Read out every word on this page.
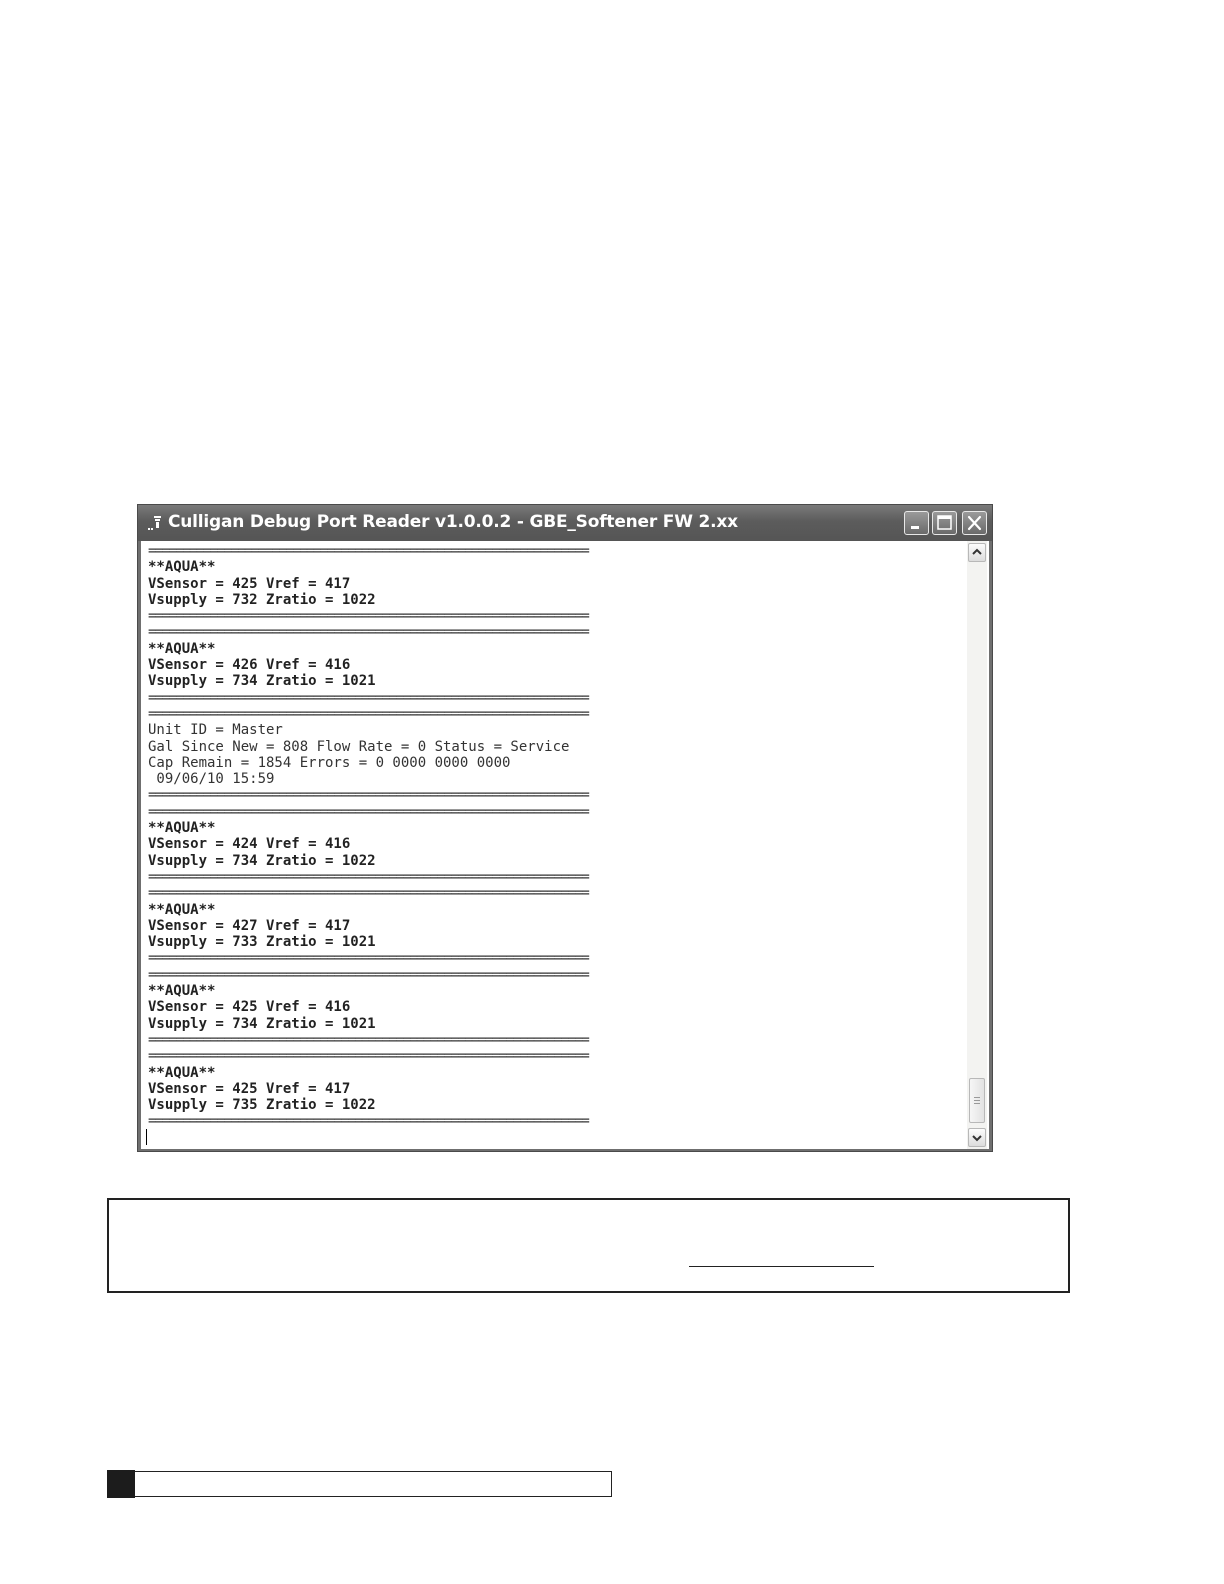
Culligan Debug Port Reader v1.0.0.2 - GBE_Softener FW 2.xx
================================================================
**AQUA**
VSensor = 425 Vref = 417
Vsupply = 732 Zratio = 1022
================================================================
================================================================
**AQUA**
VSensor = 426 Vref = 416
Vsupply = 734 Zratio = 1021
================================================================
================================================================
Unit ID = Master
Gal Since New = 808 Flow Rate = 0 Status = Service
Cap Remain = 1854 Errors = 0 0000 0000 0000
09/06/10 15:59
================================================================
================================================================
**AQUA**
VSensor = 424 Vref = 416
Vsupply = 734 Zratio = 1022
================================================================
================================================================
**AQUA**
VSensor = 427 Vref = 417
Vsupply = 733 Zratio = 1021
================================================================
================================================================
**AQUA**
VSensor = 425 Vref = 416
Vsupply = 734 Zratio = 1021
================================================================
================================================================
**AQUA**
VSensor = 425 Vref = 417
Vsupply = 735 Zratio = 1022
================================================================
